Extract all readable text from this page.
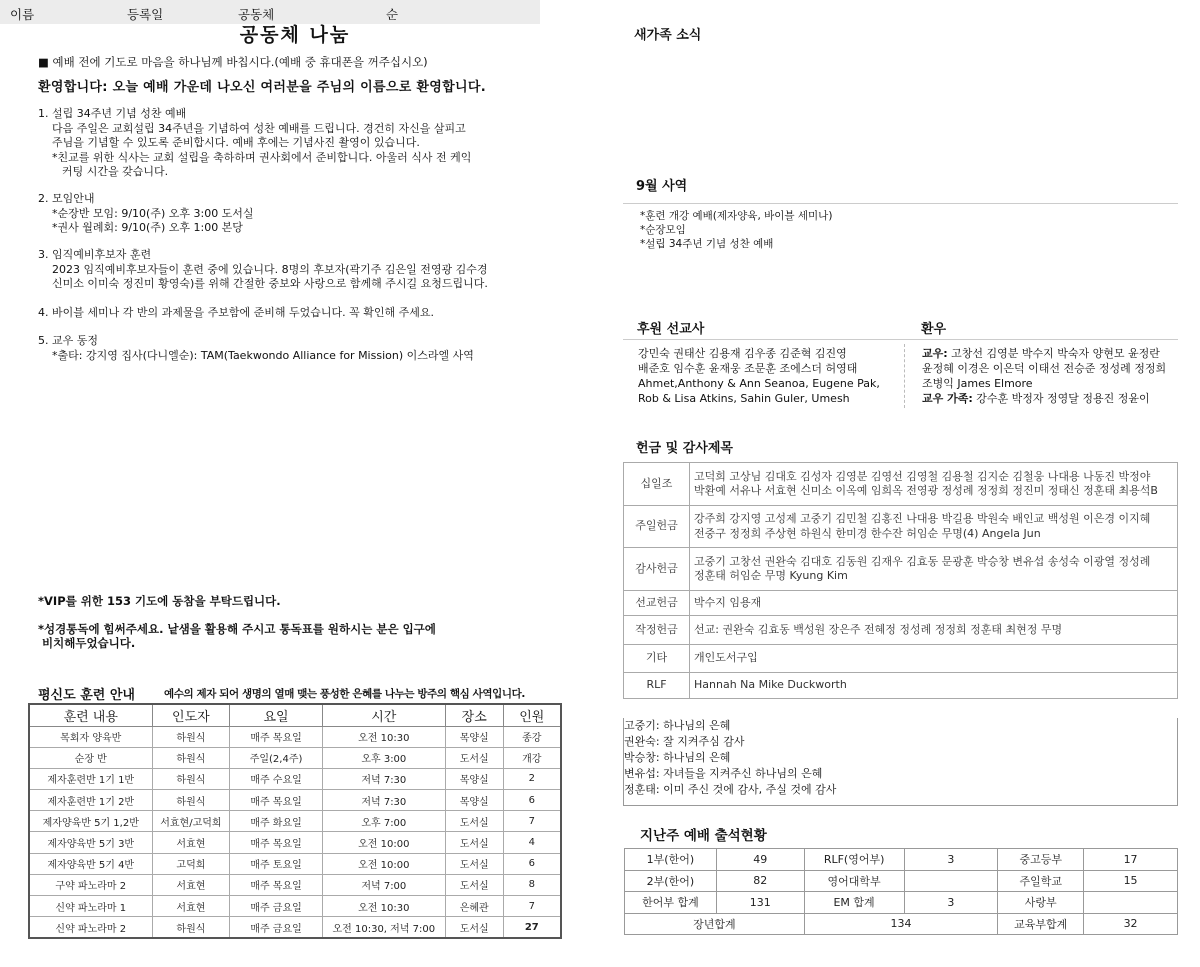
공동체 나눔
■ 예배 전에 기도로 마음을 하나님께 바칩시다.(예배 중 휴대폰을 꺼주십시오)
환영합니다: 오늘 예배 가운데 나오신 여러분을 주님의 이름으로 환영합니다.
1. 설립 34주년 기념 성찬 예배
다음 주일은 교회설립 34주년을 기념하여 성찬 예배를 드립니다. 경건히 자신을 살피고
주님을 기념할 수 있도록 준비합시다. 예배 후에는 기념사진 촬영이 있습니다.
*친교를 위한 식사는 교회 설립을 축하하며 권사회에서 준비합니다. 아울러 식사 전 케익
커팅 시간을 갖습니다.
2. 모임안내
*순장반 모임: 9/10(주) 오후 3:00 도서실
*권사 월례회: 9/10(주) 오후 1:00 본당
3. 임직예비후보자 훈련
2023 임직예비후보자들이 훈련 중에 있습니다. 8명의 후보자(곽기주 김은일 전영광 김수경
신미소 이미숙 정진미 황영숙)를 위해 간절한 중보와 사랑으로 함께해 주시길 요청드립니다.
4. 바이블 세미나 각 반의 과제물을 주보함에 준비해 두었습니다. 꼭 확인해 주세요.
5. 교우 동정
*출타: 강지영 집사(다니엘순): TAM(Taekwondo Alliance for Mission) 이스라엘 사역
*VIP를 위한 153 기도에 동참을 부탁드립니다.
*성경통독에 힘써주세요. 낱샘을 활용해 주시고 통독표를 원하시는 분은 입구에
비치해두었습니다.
평신도 훈련 안내	예수의 제자 되어 생명의 열매 맺는 풍성한 은혜를 나누는 방주의 핵심 사역입니다.
훈련 내용	인도자	요일	시간	장소	인원
목회자 양육반	하원식	매주 목요일	오전 10:30	목양실	종강
순장 반	하원식	주일(2,4주)	오후 3:00	도서실	개강
제자훈련반 1기 1반	하원식	매주 수요일	저녁 7:30	목양실	2
제자훈련반 1기 2반	하원식	매주 목요일	저녁 7:30	목양실	6
제자양육반 5기 1,2반	서효현/고덕희	매주 화요일	오후 7:00	도서실	7
제자양육반 5기 3반	서효현	매주 목요일	오전 10:00	도서실	4
제자양육반 5기 4반	고덕희	매주 토요일	오전 10:00	도서실	6
구약 파노라마 2	서효현	매주 목요일	저녁 7:00	도서실	8
신약 파노라마 1	서효현	매주 금요일	오전 10:30	은혜관	7
신약 파노라마 2	하원식	매주 금요일	오전 10:30, 저녁 7:00	도서실	27
새가족 소식
이름	등록일	공동체	순
9월 사역
*훈련 개강 예배(제자양육, 바이블 세미나)
*순장모임
*설립 34주년 기념 성찬 예배
후원 선교사	환우
강민숙 권태산 김용재 김우종 김준혁 김진영
배준호 임수훈 윤재웅 조문훈 조에스더 허영태
Ahmet,Anthony & Ann Seanoa, Eugene Pak,
Rob & Lisa Atkins, Sahin Guler, Umesh
교우: 고창선 김영분 박수지 박숙자 양현모 윤정란
윤정혜 이경은 이은덕 이태선 전승준 정성례 정정희
조병익 James Elmore
교우 가족: 강수훈 박정자 정영달 정용진 정윤이
헌금 및 감사제목
십일조	고덕희 고상님 김대호 김성자 김영분 김영선 김영철 김용철 김지순 김철웅 나대용 나동진 박정야
박환예 서유나 서효현 신미소 이옥예 임희옥 전영광 정성례 정정희 정진미 정태신 정훈태 최용석B

주일헌금	강주희 강지영 고성제 고중기 김민철 김홍진 나대용 박길용 박원숙 배인교 백성원 이은경 이지혜
전중구 정정희 주상현 하원식 한미경 한수잔 허임순 무명(4) Angela Jun

감사헌금	고중기 고창선 권완숙 김대호 김동원 김재우 김효동 문광훈 박승창 변유섭 송성숙 이광열 정성례
정훈태 허임순 무명 Kyung Kim

선교헌금	박수지 임용재

작정헌금	선교: 권완숙 김효동 백성원 장은주 전혜정 정성례 정정희 정훈태 최현정 무명

기타	개인도서구입

RLF	Hannah Na Mike Duckworth
고중기: 하나님의 은혜
권완숙: 잘 지켜주심 감사
박승창: 하나님의 은혜
변유섭: 자녀들을 지켜주신 하나님의 은혜
정훈태: 이미 주신 것에 감사, 주실 것에 감사
지난주 예배 출석현황
1부(한어)	49	RLF(영어부)	3	중고등부	17
2부(한어)	82	영어대학부		주일학교	15
한어부 합계	131	EM 합계	3	사랑부	
장년합계		134		교육부합계	32
